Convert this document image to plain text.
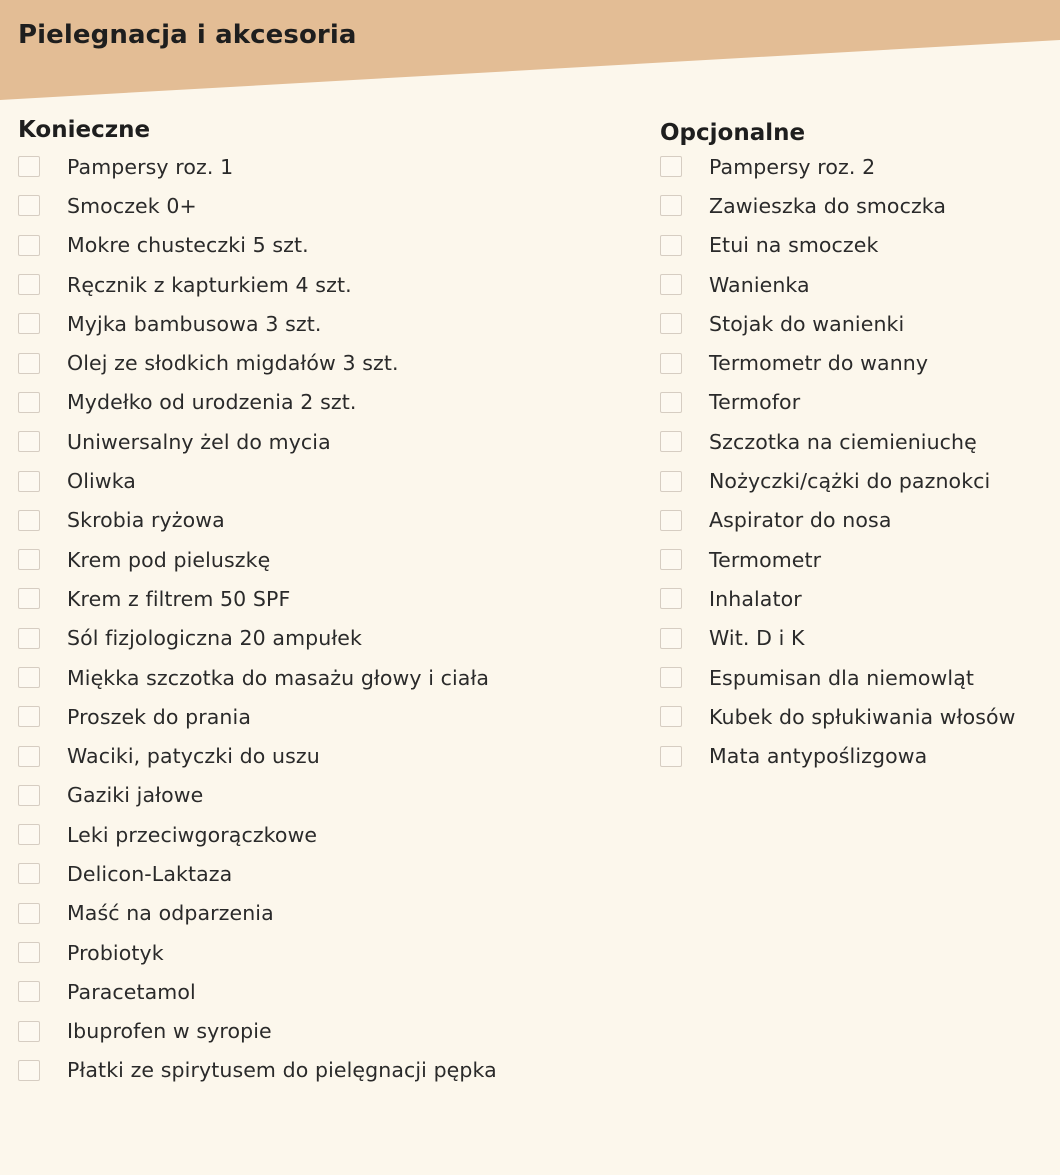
Pielegnacja i akcesoria
Konieczne
Pampersy roz. 1
Smoczek 0+
Mokre chusteczki 5 szt.
Ręcznik z kapturkiem 4 szt.
Myjka bambusowa 3 szt.
Olej ze słodkich migdałów 3 szt.
Mydełko od urodzenia 2 szt.
Uniwersalny żel do mycia
Oliwka
Skrobia ryżowa
Krem pod pieluszkę
Krem z filtrem 50 SPF
Sól fizjologiczna 20 ampułek
Miękka szczotka do masażu głowy i ciała
Proszek do prania
Waciki, patyczki do uszu
Gaziki jałowe
Leki przeciwgorączkowe
Delicon-Laktaza
Maść na odparzenia
Probiotyk
Paracetamol
Ibuprofen w syropie
Płatki ze spirytusem do pielęgnacji pępka
Opcjonalne
Pampersy roz. 2
Zawieszka do smoczka
Etui na smoczek
Wanienka
Stojak do wanienki
Termometr do wanny
Termofor
Szczotka na ciemieniuchę
Nożyczki/cążki do paznokci
Aspirator do nosa
Termometr
Inhalator
Wit. D i K
Espumisan dla niemowląt
Kubek do spłukiwania włosów
Mata antypoślizgowa
